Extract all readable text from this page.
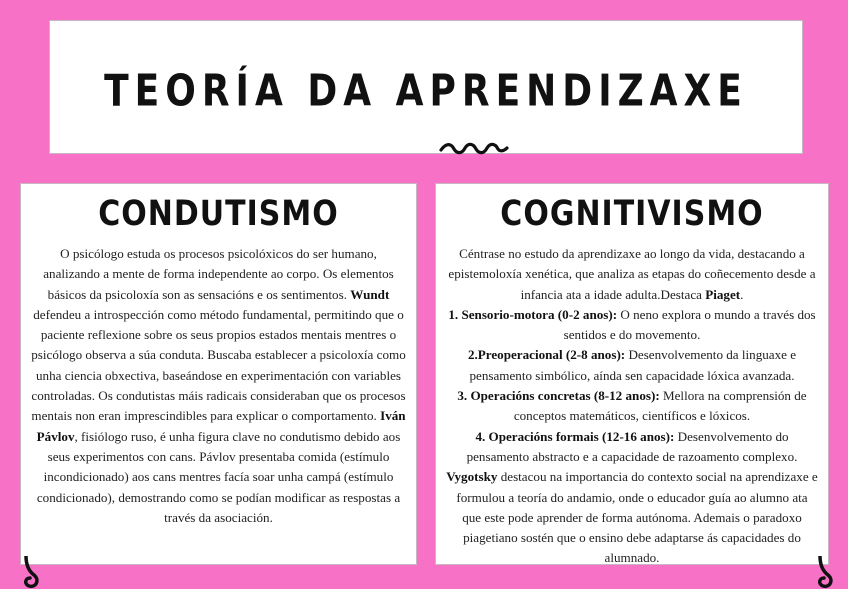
TEORÍA DA APRENDIZAXE
CONDUTISMO
O psicólogo estuda os procesos psicolóxicos do ser humano, analizando a mente de forma independente ao corpo. Os elementos básicos da psicoloxía son as sensacións e os sentimentos. Wundt defendeu a introspección como método fundamental, permitindo que o paciente reflexione sobre os seus propios estados mentais mentres o psicólogo observa a súa conduta. Buscaba establecer a psicoloxía como unha ciencia obxectiva, baseándose en experimentación con variables controladas. Os condutistas máis radicais consideraban que os procesos mentais non eran imprescindibles para explicar o comportamento. Iván Pávlov, fisiólogo ruso, é unha figura clave no condutismo debido aos seus experimentos con cans. Pávlov presentaba comida (estímulo incondicionado) aos cans mentres facía soar unha campá (estímulo condicionado), demostrando como se podían modificar as respostas a través da asociación.
COGNITIVISMO
Céntrase no estudo da aprendizaxe ao longo da vida, destacando a epistemoloxía xenética, que analiza as etapas do coñecemento desde a infancia ata a idade adulta.Destaca Piaget.
1. Sensorio-motora (0-2 anos): O neno explora o mundo a través dos sentidos e do movemento.
2.Preoperacional (2-8 anos): Desenvolvemento da linguaxe e pensamento simbólico, aínda sen capacidade lóxica avanzada.
3. Operacións concretas (8-12 anos): Mellora na comprensión de conceptos matemáticos, científicos e lóxicos.
4. Operacións formais (12-16 anos): Desenvolvemento do pensamento abstracto e a capacidade de razoamento complexo.
Vygotsky destacou na importancia do contexto social na aprendizaxe e formulou a teoría do andamio, onde o educador guía ao alumno ata que este pode aprender de forma autónoma. Ademais o paradoxo piagetiano sostén que o ensino debe adaptarse ás capacidades do alumnado.
